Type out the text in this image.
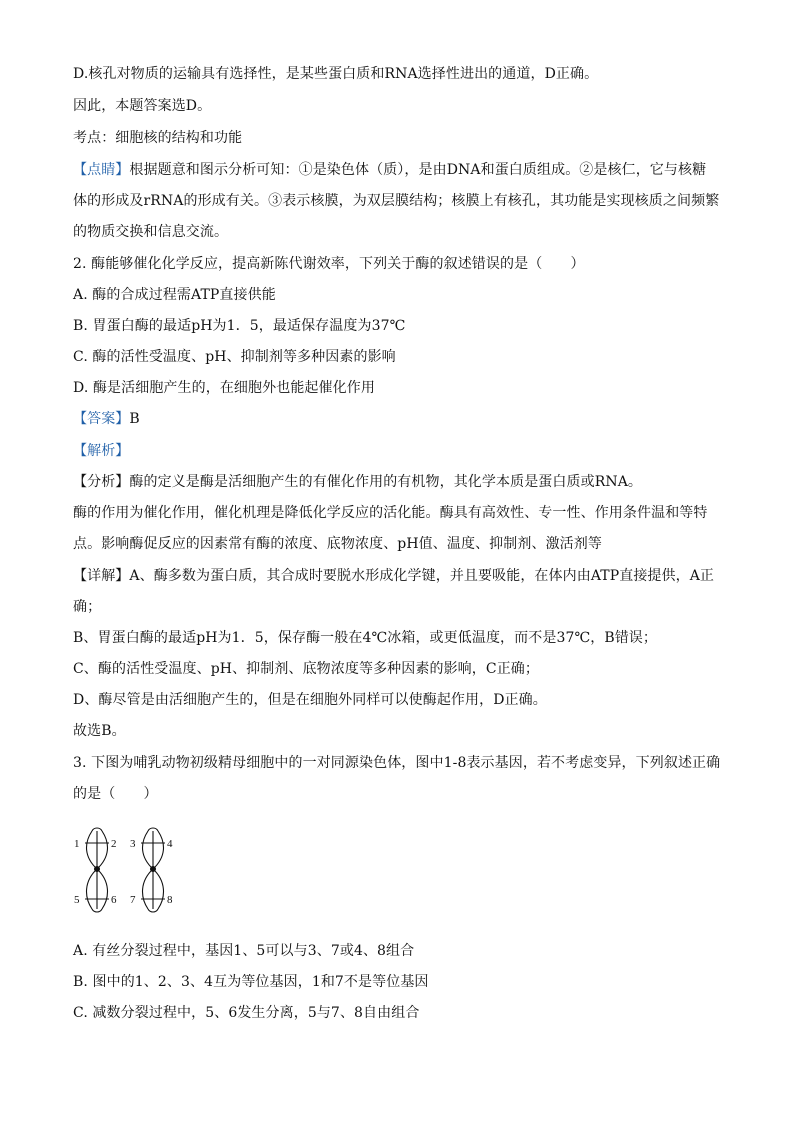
D.核孔对物质的运输具有选择性，是某些蛋白质和RNA选择性进出的通道，D正确。
因此，本题答案选D。
考点：细胞核的结构和功能
【点睛】根据题意和图示分析可知：①是染色体（质），是由DNA和蛋白质组成。②是核仁，它与核糖
体的形成及rRNA的形成有关。③表示核膜，为双层膜结构；核膜上有核孔，其功能是实现核质之间频繁
的物质交换和信息交流。
2. 酶能够催化化学反应，提高新陈代谢效率，下列关于酶的叙述错误的是（　　）
A. 酶的合成过程需ATP直接供能
B. 胃蛋白酶的最适pH为1．5，最适保存温度为37℃
C. 酶的活性受温度、pH、抑制剂等多种因素的影响
D. 酶是活细胞产生的，在细胞外也能起催化作用
【答案】B
【解析】
【分析】酶的定义是酶是活细胞产生的有催化作用的有机物，其化学本质是蛋白质或RNA。
酶的作用为催化作用，催化机理是降低化学反应的活化能。酶具有高效性、专一性、作用条件温和等特
点。影响酶促反应的因素常有酶的浓度、底物浓度、pH值、温度、抑制剂、激活剂等
【详解】A、酶多数为蛋白质，其合成时要脱水形成化学键，并且要吸能，在体内由ATP直接提供，A正
确；
B、胃蛋白酶的最适pH为1．5，保存酶一般在4℃冰箱，或更低温度，而不是37℃，B错误；
C、酶的活性受温度、pH、抑制剂、底物浓度等多种因素的影响，C正确；
D、酶尽管是由活细胞产生的，但是在细胞外同样可以使酶起作用，D正确。
故选B。
3. 下图为哺乳动物初级精母细胞中的一对同源染色体，图中1-8表示基因，若不考虑变异，下列叙述正确
的是（　　）
1	2 3	4
5	6 7	8
A. 有丝分裂过程中，基因1、5可以与3、7或4、8组合
B. 图中的1、2、3、4互为等位基因，1和7不是等位基因
C. 减数分裂过程中，5、6发生分离，5与7、8自由组合
